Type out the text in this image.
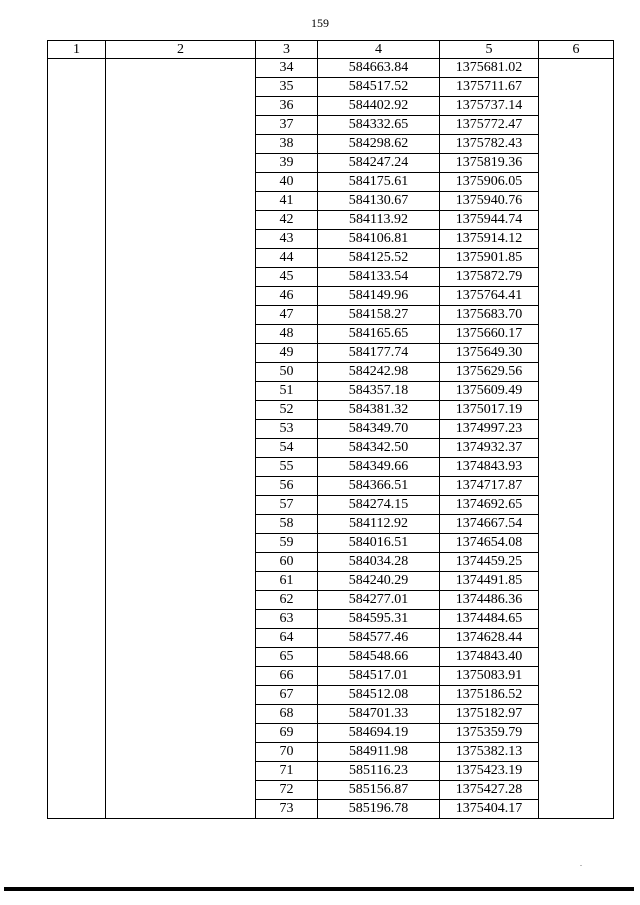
159
1	2	3	4	5	6
		34	584663.84	1375681.02	
		35	584517.52	1375711.67	
		36	584402.92	1375737.14	
		37	584332.65	1375772.47	
		38	584298.62	1375782.43	
		39	584247.24	1375819.36	
		40	584175.61	1375906.05	
		41	584130.67	1375940.76	
		42	584113.92	1375944.74	
		43	584106.81	1375914.12	
		44	584125.52	1375901.85	
		45	584133.54	1375872.79	
		46	584149.96	1375764.41	
		47	584158.27	1375683.70	
		48	584165.65	1375660.17	
		49	584177.74	1375649.30	
		50	584242.98	1375629.56	
		51	584357.18	1375609.49	
		52	584381.32	1375017.19	
		53	584349.70	1374997.23	
		54	584342.50	1374932.37	
		55	584349.66	1374843.93	
		56	584366.51	1374717.87	
		57	584274.15	1374692.65	
		58	584112.92	1374667.54	
		59	584016.51	1374654.08	
		60	584034.28	1374459.25	
		61	584240.29	1374491.85	
		62	584277.01	1374486.36	
		63	584595.31	1374484.65	
		64	584577.46	1374628.44	
		65	584548.66	1374843.40	
		66	584517.01	1375083.91	
		67	584512.08	1375186.52	
		68	584701.33	1375182.97	
		69	584694.19	1375359.79	
		70	584911.98	1375382.13	
		71	585116.23	1375423.19	
		72	585156.87	1375427.28	
		73	585196.78	1375404.17	
